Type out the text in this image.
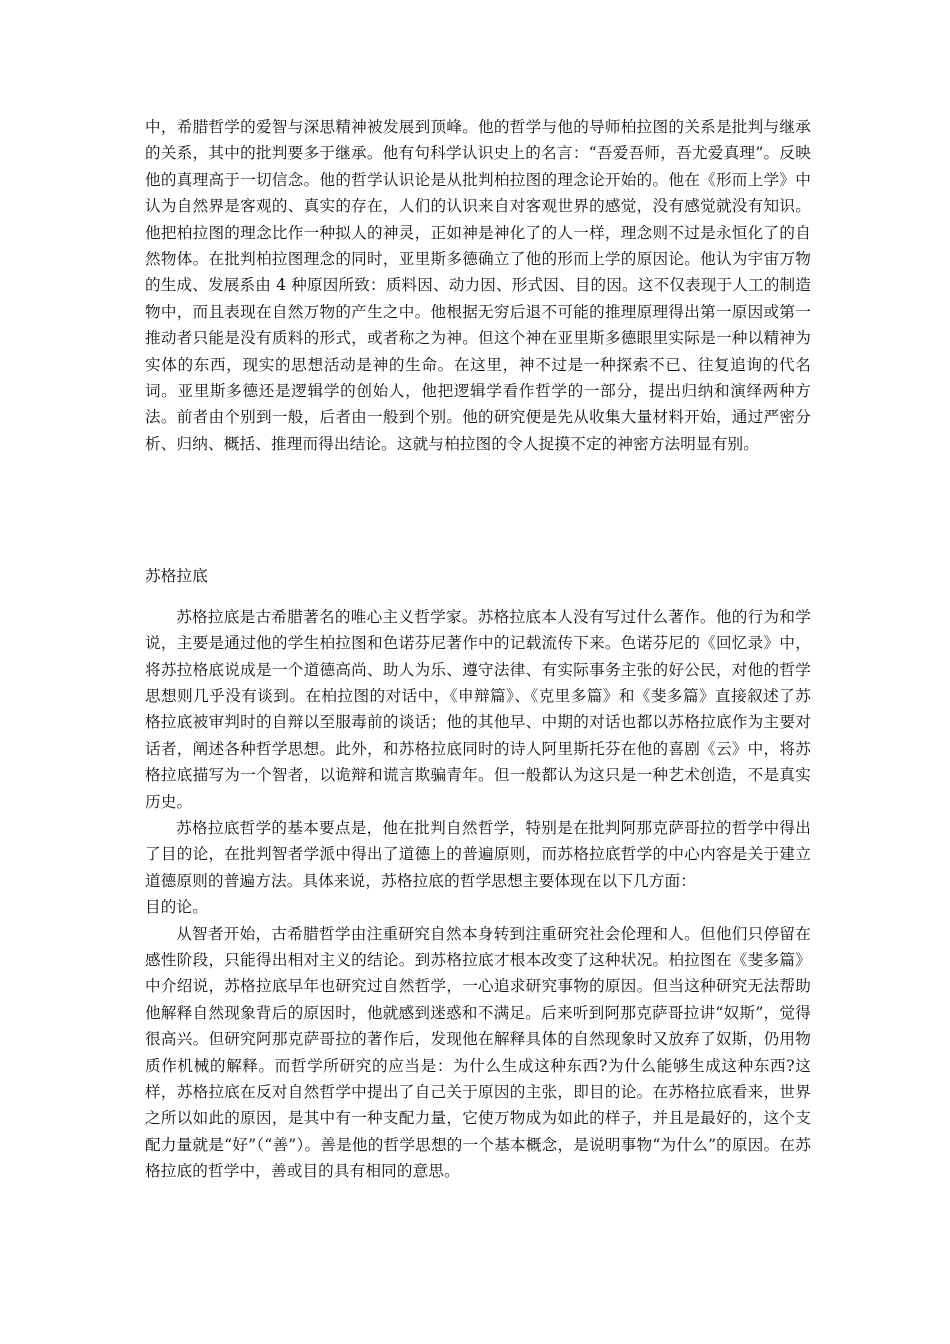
中，希腊哲学的爱智与深思精神被发展到顶峰。他的哲学与他的导师柏拉图的关系是批判与继承的关系，其中的批判要多于继承。他有句科学认识史上的名言：“吾爱吾师，吾尤爱真理”。反映他的真理高于一切信念。他的哲学认识论是从批判柏拉图的理念论开始的。他在《形而上学》中认为自然界是客观的、真实的存在，人们的认识来自对客观世界的感觉，没有感觉就没有知识。他把柏拉图的理念比作一种拟人的神灵，正如神是神化了的人一样，理念则不过是永恒化了的自然物体。在批判柏拉图理念的同时，亚里斯多德确立了他的形而上学的原因论。他认为宇宙万物的生成、发展系由 4 种原因所致：质料因、动力因、形式因、目的因。这不仅表现于人工的制造物中，而且表现在自然万物的产生之中。他根据无穷后退不可能的推理原理得出第一原因或第一推动者只能是没有质料的形式，或者称之为神。但这个神在亚里斯多德眼里实际是一种以精神为实体的东西，现实的思想活动是神的生命。在这里，神不过是一种探索不已、往复追询的代名词。亚里斯多德还是逻辑学的创始人，他把逻辑学看作哲学的一部分，提出归纳和演绎两种方法。前者由个别到一般，后者由一般到个别。他的研究便是先从收集大量材料开始，通过严密分析、归纳、概括、推理而得出结论。这就与柏拉图的令人捉摸不定的神密方法明显有别。

苏格拉底

苏格拉底是古希腊著名的唯心主义哲学家。苏格拉底本人没有写过什么著作。他的行为和学说，主要是通过他的学生柏拉图和色诺芬尼著作中的记载流传下来。色诺芬尼的《回忆录》中，将苏拉格底说成是一个道德高尚、助人为乐、遵守法律、有实际事务主张的好公民，对他的哲学思想则几乎没有谈到。在柏拉图的对话中，《申辩篇》、《克里多篇》和《斐多篇》直接叙述了苏格拉底被审判时的自辩以至服毒前的谈话；他的其他早、中期的对话也都以苏格拉底作为主要对话者，阐述各种哲学思想。此外，和苏格拉底同时的诗人阿里斯托芬在他的喜剧《云》中，将苏格拉底描写为一个智者，以诡辩和谎言欺骗青年。但一般都认为这只是一种艺术创造，不是真实历史。

苏格拉底哲学的基本要点是，他在批判自然哲学，特别是在批判阿那克萨哥拉的哲学中得出了目的论，在批判智者学派中得出了道德上的普遍原则，而苏格拉底哲学的中心内容是关于建立道德原则的普遍方法。具体来说，苏格拉底的哲学思想主要体现在以下几方面：

目的论。

从智者开始，古希腊哲学由注重研究自然本身转到注重研究社会伦理和人。但他们只停留在感性阶段，只能得出相对主义的结论。到苏格拉底才根本改变了这种状况。柏拉图在《斐多篇》中介绍说，苏格拉底早年也研究过自然哲学，一心追求研究事物的原因。但当这种研究无法帮助他解释自然现象背后的原因时，他就感到迷惑和不满足。后来听到阿那克萨哥拉讲“奴斯”，觉得很高兴。但研究阿那克萨哥拉的著作后，发现他在解释具体的自然现象时又放弃了奴斯，仍用物质作机械的解释。而哲学所研究的应当是：为什么生成这种东西?为什么能够生成这种东西?这样，苏格拉底在反对自然哲学中提出了自己关于原因的主张，即目的论。在苏格拉底看来，世界之所以如此的原因，是其中有一种支配力量，它使万物成为如此的样子，并且是最好的，这个支配力量就是“好”（“善”）。善是他的哲学思想的一个基本概念，是说明事物“为什么”的原因。在苏格拉底的哲学中，善或目的具有相同的意思。
